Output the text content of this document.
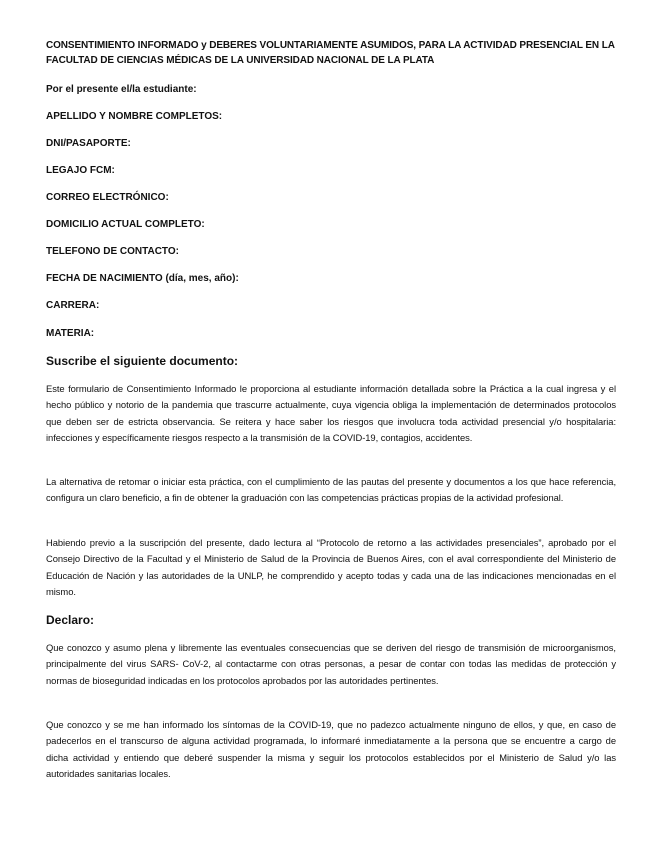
CONSENTIMIENTO INFORMADO y DEBERES VOLUNTARIAMENTE ASUMIDOS, PARA LA ACTIVIDAD PRESENCIAL EN LA FACULTAD DE CIENCIAS MÉDICAS DE LA UNIVERSIDAD NACIONAL DE LA PLATA
Por el presente el/la estudiante:
APELLIDO Y NOMBRE COMPLETOS:
DNI/PASAPORTE:
LEGAJO FCM:
CORREO ELECTRÓNICO:
DOMICILIO ACTUAL COMPLETO:
TELEFONO DE CONTACTO:
FECHA DE NACIMIENTO (día, mes, año):
CARRERA:
MATERIA:
Suscribe el siguiente documento:
Este formulario de Consentimiento Informado le proporciona al estudiante información detallada sobre la Práctica a la cual ingresa y el hecho público y notorio de la pandemia que trascurre actualmente, cuya vigencia obliga la implementación de determinados protocolos que deben ser de estricta observancia. Se reitera y hace saber los riesgos que involucra toda actividad presencial y/o hospitalaria: infecciones y específicamente riesgos respecto a la transmisión de la COVID-19, contagios, accidentes.
La alternativa de retomar o iniciar esta práctica, con el cumplimiento de las pautas del presente y documentos a los que hace referencia, configura un claro beneficio, a fin de obtener la graduación con las competencias prácticas propias de la actividad profesional.
Habiendo previo a la suscripción del presente, dado lectura al “Protocolo de retorno a las actividades presenciales”, aprobado por el Consejo Directivo de la Facultad y el Ministerio de Salud de la Provincia de Buenos Aires, con el aval correspondiente del Ministerio de Educación de Nación y las autoridades de la UNLP, he comprendido y acepto todas y cada una de las indicaciones mencionadas en el mismo.
Declaro:
Que conozco y asumo plena y libremente las eventuales consecuencias que se deriven del riesgo de transmisión de microorganismos, principalmente del virus SARS- CoV-2, al contactarme con otras personas, a pesar de contar con todas las medidas de protección y normas de bioseguridad indicadas en los protocolos aprobados por las autoridades pertinentes.
Que conozco y se me han informado los síntomas de la COVID-19, que no padezco actualmente ninguno de ellos, y que, en caso de padecerlos en el transcurso de alguna actividad programada, lo informaré inmediatamente a la persona que se encuentre a cargo de dicha actividad y entiendo que deberé suspender la misma y seguir los protocolos establecidos por el Ministerio de Salud y/o las autoridades sanitarias locales.
